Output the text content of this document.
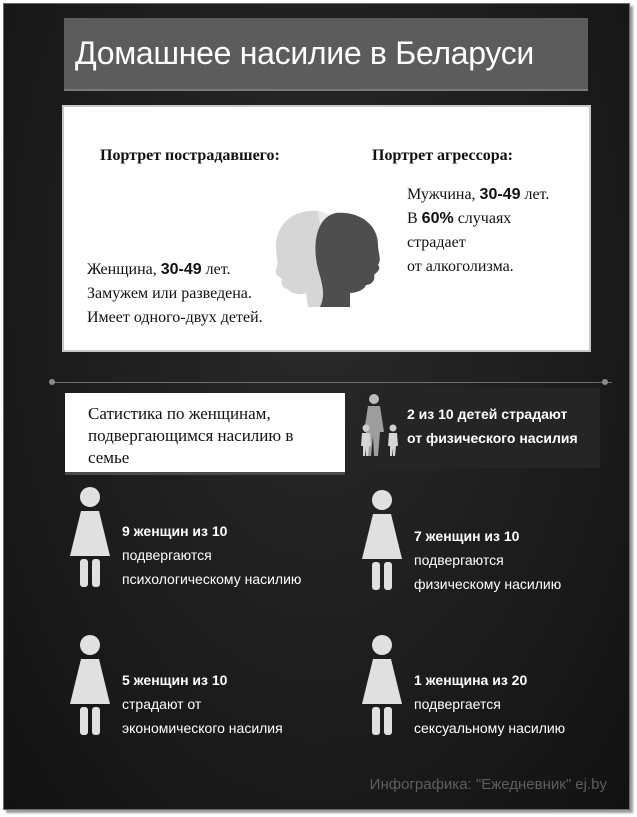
Домашнее насилие в Беларуси
Портрет пострадавшего:	Портрет агрессора:
Женщина, 30-49 лет.
Замужем или разведена.
Имеет одного-двух детей.
Мужчина, 30-49 лет.
В 60% случаях
страдает
от алкоголизма.
Сатистика по женщинам, подвергающимся насилию в семье
2 из 10 детей страдают
от физического насилия
9 женщин из 10
подвергаются
психологическому насилию
7 женщин из 10
подвергаются
физическому насилию
5 женщин из 10
страдают от
экономического насилия
1 женщина из 20
подвергается
сексуальному насилию
Инфографика: "Ежедневник" ej.by
